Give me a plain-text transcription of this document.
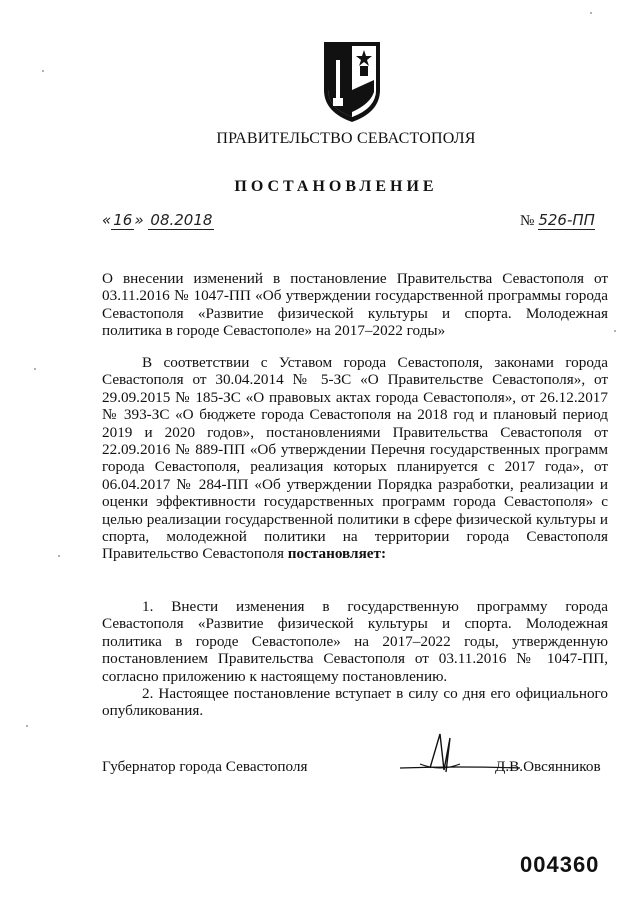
ПРАВИТЕЛЬСТВО СЕВАСТОПОЛЯ
ПОСТАНОВЛЕНИЕ
« 16 » 08.2018	№ 526-ПП
О внесении изменений в постановление Правительства Севастополя от 03.11.2016 № 1047-ПП «Об утверждении государственной программы города Севастополя «Развитие физической культуры и спорта. Молодежная политика в городе Севастополе» на 2017–2022 годы»
В соответствии с Уставом города Севастополя, законами города Севастополя от 30.04.2014 № 5-ЗС «О Правительстве Севастополя», от 29.09.2015 № 185-ЗС «О правовых актах города Севастополя», от 26.12.2017 № 393-ЗС «О бюджете города Севастополя на 2018 год и плановый период 2019 и 2020 годов», постановлениями Правительства Севастополя от 22.09.2016 № 889-ПП «Об утверждении Перечня государственных программ города Севастополя, реализация которых планируется с 2017 года», от 06.04.2017 № 284-ПП «Об утверждении Порядка разработки, реализации и оценки эффективности государственных программ города Севастополя» с целью реализации государственной политики в сфере физической культуры и спорта, молодежной политики на территории города Севастополя Правительство Севастополя постановляет:
1. Внести изменения в государственную программу города Севастополя «Развитие физической культуры и спорта. Молодежная политика в городе Севастополе» на 2017–2022 годы, утвержденную постановлением Правительства Севастополя от 03.11.2016 № 1047-ПП, согласно приложению к настоящему постановлению.
2. Настоящее постановление вступает в силу со дня его официального опубликования.
Губернатор города Севастополя	Д.В.Овсянников
004360
